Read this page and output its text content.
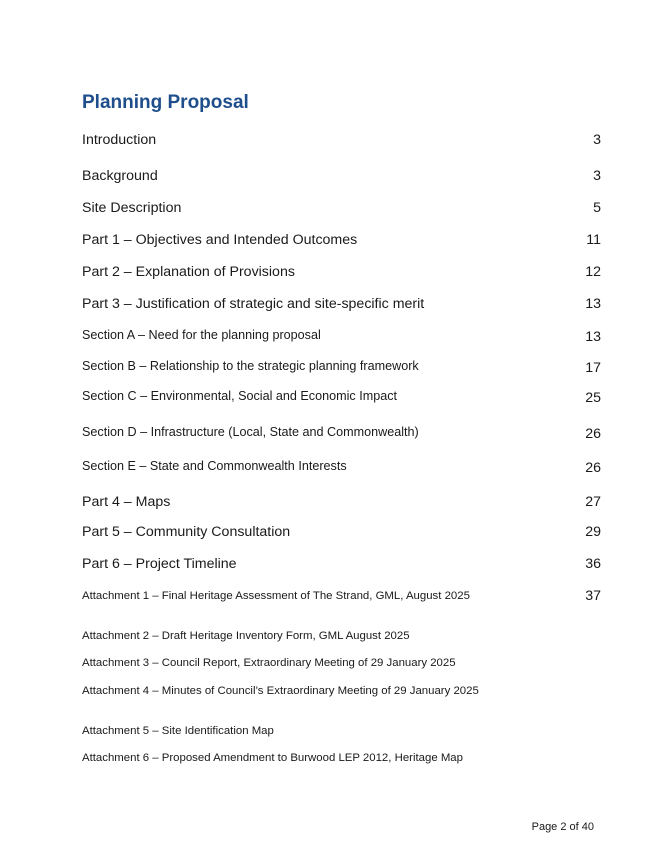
Planning Proposal
Introduction	3
Background	3
Site Description	5
Part 1 – Objectives and Intended Outcomes	11
Part 2 – Explanation of Provisions	12
Part 3 – Justification of strategic and site-specific merit	13
Section A – Need for the planning proposal	13
Section B – Relationship to the strategic planning framework	17
Section C – Environmental, Social and Economic Impact	25
Section D – Infrastructure (Local, State and Commonwealth)	26
Section E – State and Commonwealth Interests	26
Part 4 – Maps	27
Part 5 – Community Consultation	29
Part 6 – Project Timeline	36
Attachment 1 – Final Heritage Assessment of The Strand, GML, August 2025	37
Attachment 2 – Draft Heritage Inventory Form, GML August 2025
Attachment 3 – Council Report, Extraordinary Meeting of 29 January 2025
Attachment 4 – Minutes of Council’s Extraordinary Meeting of 29 January 2025
Attachment 5 – Site Identification Map
Attachment 6 – Proposed Amendment to Burwood LEP 2012, Heritage Map
Page 2 of 40
